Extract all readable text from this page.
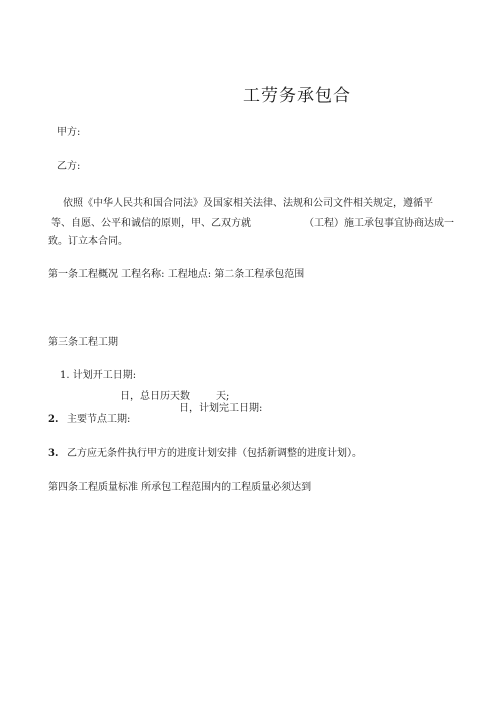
工劳务承包合
甲方:
乙方:
依照《中华人民共和国合同法》及国家相关法律、法规和公司文件相关规定，遵循平
等、自愿、公平和诚信的原则，甲、乙双方就	（工程）施工承包事宜协商达成一
致。订立本合同。
第一条工程概况 工程名称: 工程地点: 第二条工程承包范围
第三条工程工期
1. 计划开工日期:
日，总日历天数	天;
日，计划完工日期:
2. 主要节点工期:
3. 乙方应无条件执行甲方的进度计划安排（包括新调整的进度计划）。
第四条工程质量标准 所承包工程范围内的工程质量必须达到
